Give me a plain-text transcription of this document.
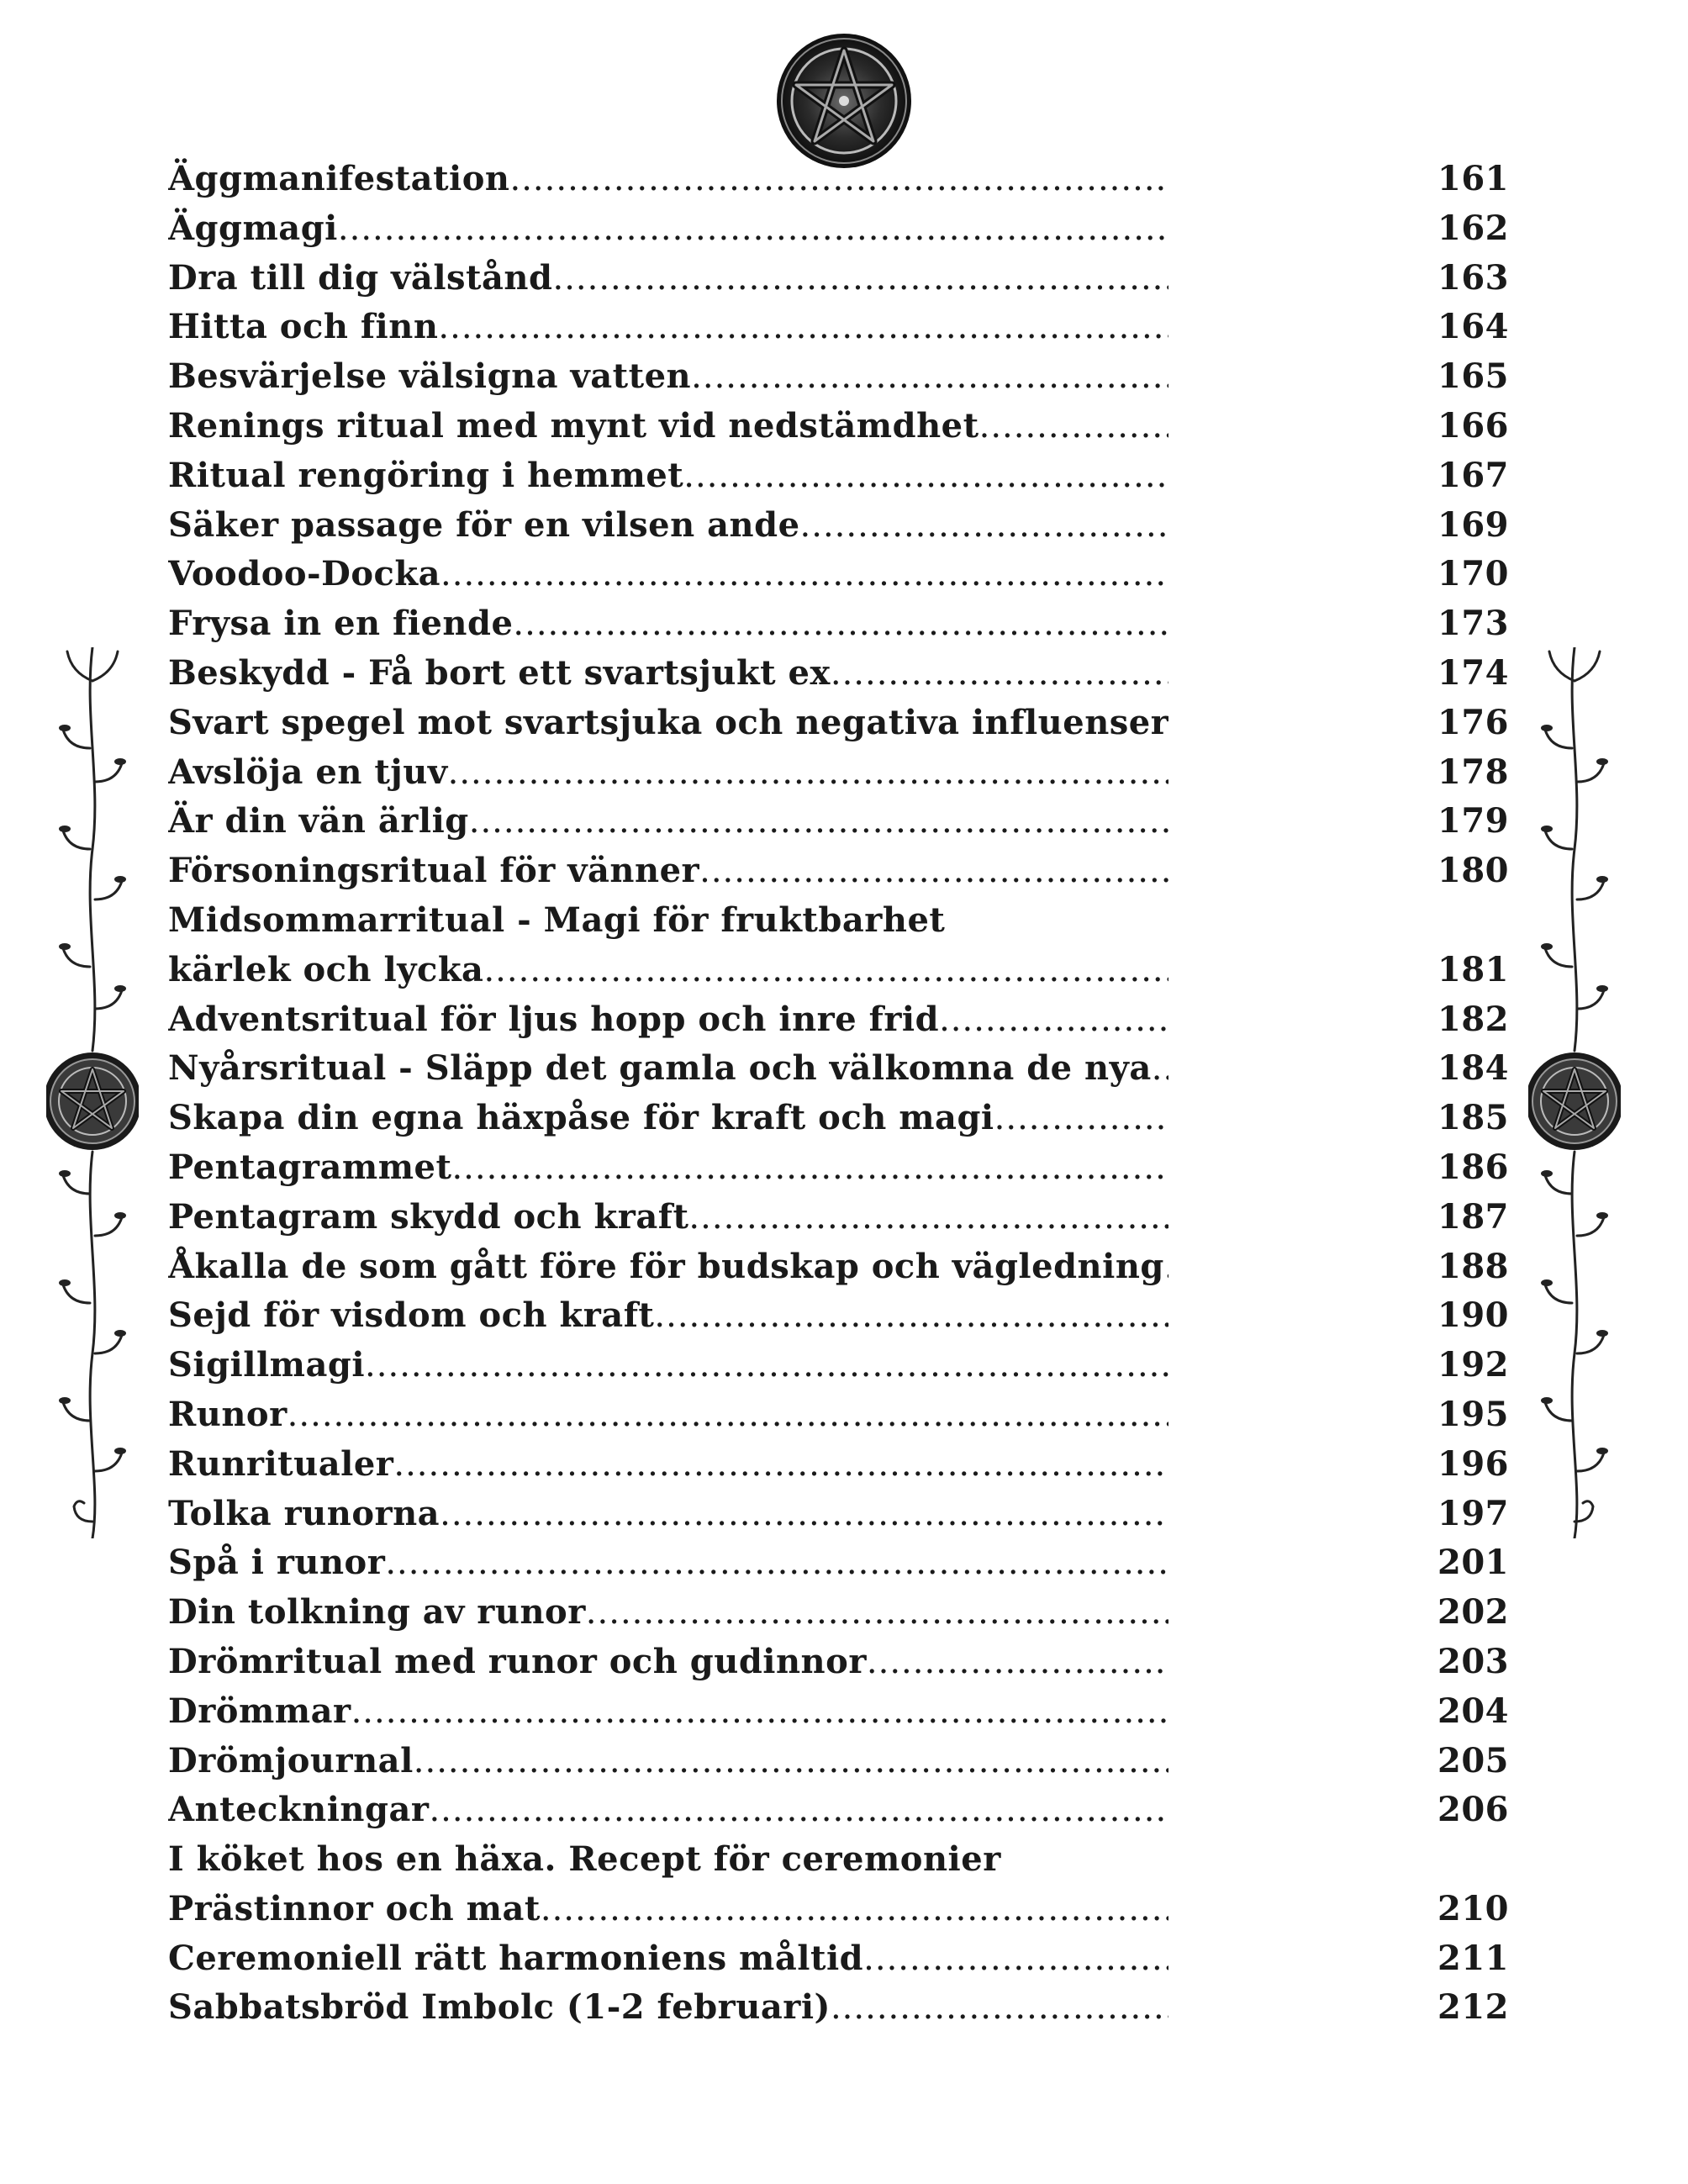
Äggmanifestation .....	161
Äggmagi .....	162
Dra till dig välstånd .....	163
Hitta och finn .....	164
Besvärjelse välsigna vatten .....	165
Renings ritual med mynt vid nedstämdhet .....	166
Ritual rengöring i hemmet .....	167
Säker passage för en vilsen ande .....	169
Voodoo-Docka .....	170
Frysa in en fiende .....	173
Beskydd - Få bort ett svartsjukt ex .....	174
Svart spegel mot svartsjuka och negativa influenser .....	176
Avslöja en tjuv .....	178
Är din vän ärlig .....	179
Försoningsritual för vänner .....	180
Midsommarritual - Magi för fruktbarhet
kärlek och lycka .....	181
Adventsritual för ljus hopp och inre frid .....	182
Nyårsritual - Släpp det gamla och välkomna de nya .....	184
Skapa din egna häxpåse för kraft och magi .....	185
Pentagrammet .....	186
Pentagram skydd och kraft .....	187
Åkalla de som gått före för budskap och vägledning .....	188
Sejd för visdom och kraft .....	190
Sigillmagi .....	192
Runor .....	195
Runritualer .....	196
Tolka runorna .....	197
Spå i runor .....	201
Din tolkning av runor .....	202
Drömritual med runor och gudinnor .....	203
Drömmar .....	204
Drömjournal .....	205
Anteckningar .....	206
I köket hos en häxa. Recept för ceremonier
Prästinnor och mat .....	210
Ceremoniell rätt harmoniens måltid .....	211
Sabbatsbröd Imbolc (1-2 februari) .....	212
